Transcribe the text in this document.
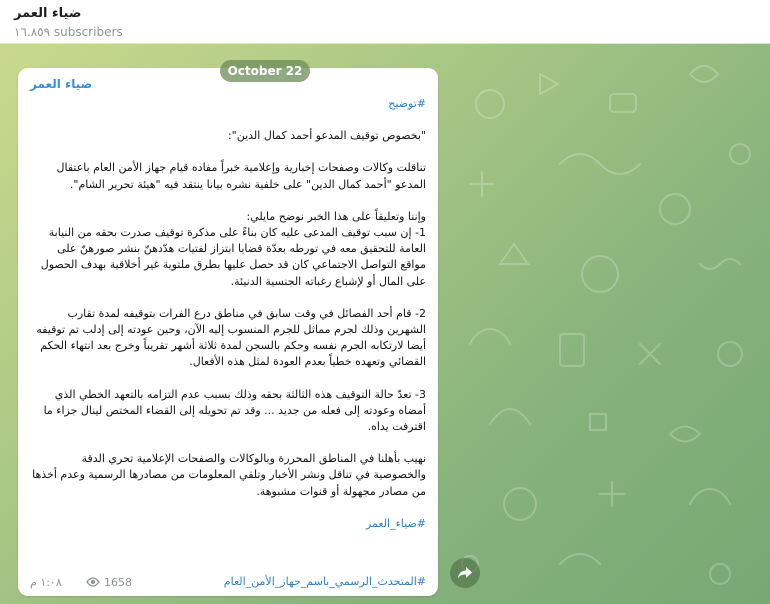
ضياء العمر
١٦.٨٥٩ subscribers
ضياء العمر

#توضيح

"بخصوص توقيف المدعو أحمد كمال الدين":

تناقلت وكالات وصفحات إخبارية وإعلامية خبراً مفاده قيام جهاز الأمن العام باعتقال المدعو "أحمد كمال الدين" على خلفية نشره بيانا ينتقد فيه "هيئة تحرير الشام".

وإننا وتعليقاً على هذا الخبر نوضح مايلي:

1- إن سبب توقيف المدعى عليه كان بناءً على مذكرة توقيف صدرت بحقه من النيابة العامة للتحقيق معه في تورطه بعدّة قضايا ابتزاز لفتيات هدّدهنّ بنشر صورهنّ على مواقع التواصل الاجتماعي كان قد حصل عليها بطرق ملتوية غير أخلاقية بهدف الحصول على المال أو لإشباع رغباته الجنسية الدنيئة.

2- قام أحد الفصائل في وقت سابق في مناطق درع الفرات بتوقيفه لمدة تقارب الشهرين وذلك لجرم مماثل للجرم المنسوب إليه الآن، وحين عودته إلى إدلب تم توقيفه أيضا لارتكابه الجرم نفسه وحكم بالسجن لمدة ثلاثة أشهر تقريباً وخرج بعد انتهاء الحكم القضائي وتعهده خطياً بعدم العودة لمثل هذه الأفعال.

3- تعدّ حالة التوقيف هذه الثالثة بحقه وذلك بسبب عدم التزامه بالتعهد الخطي الذي أمضاه وعودته إلى فعله من جديد ... وقد تم تحويله إلى القضاء المختص لينال جزاء ما اقترفت يداه.

نهيب بأهلنا في المناطق المحررة وبالوكالات والصفحات الإعلامية تحري الدقة والخصوصية في تناقل ونشر الأخبار وتلقي المعلومات من مصادرها الرسمية وعدم أخذها من مصادر مجهولة أو قنوات مشبوهة.

#ضياء_العمر

#المتحدث_الرسمي_باسم_جهاز_الأمن_العام
١:٠٨ م	1658
October 22
